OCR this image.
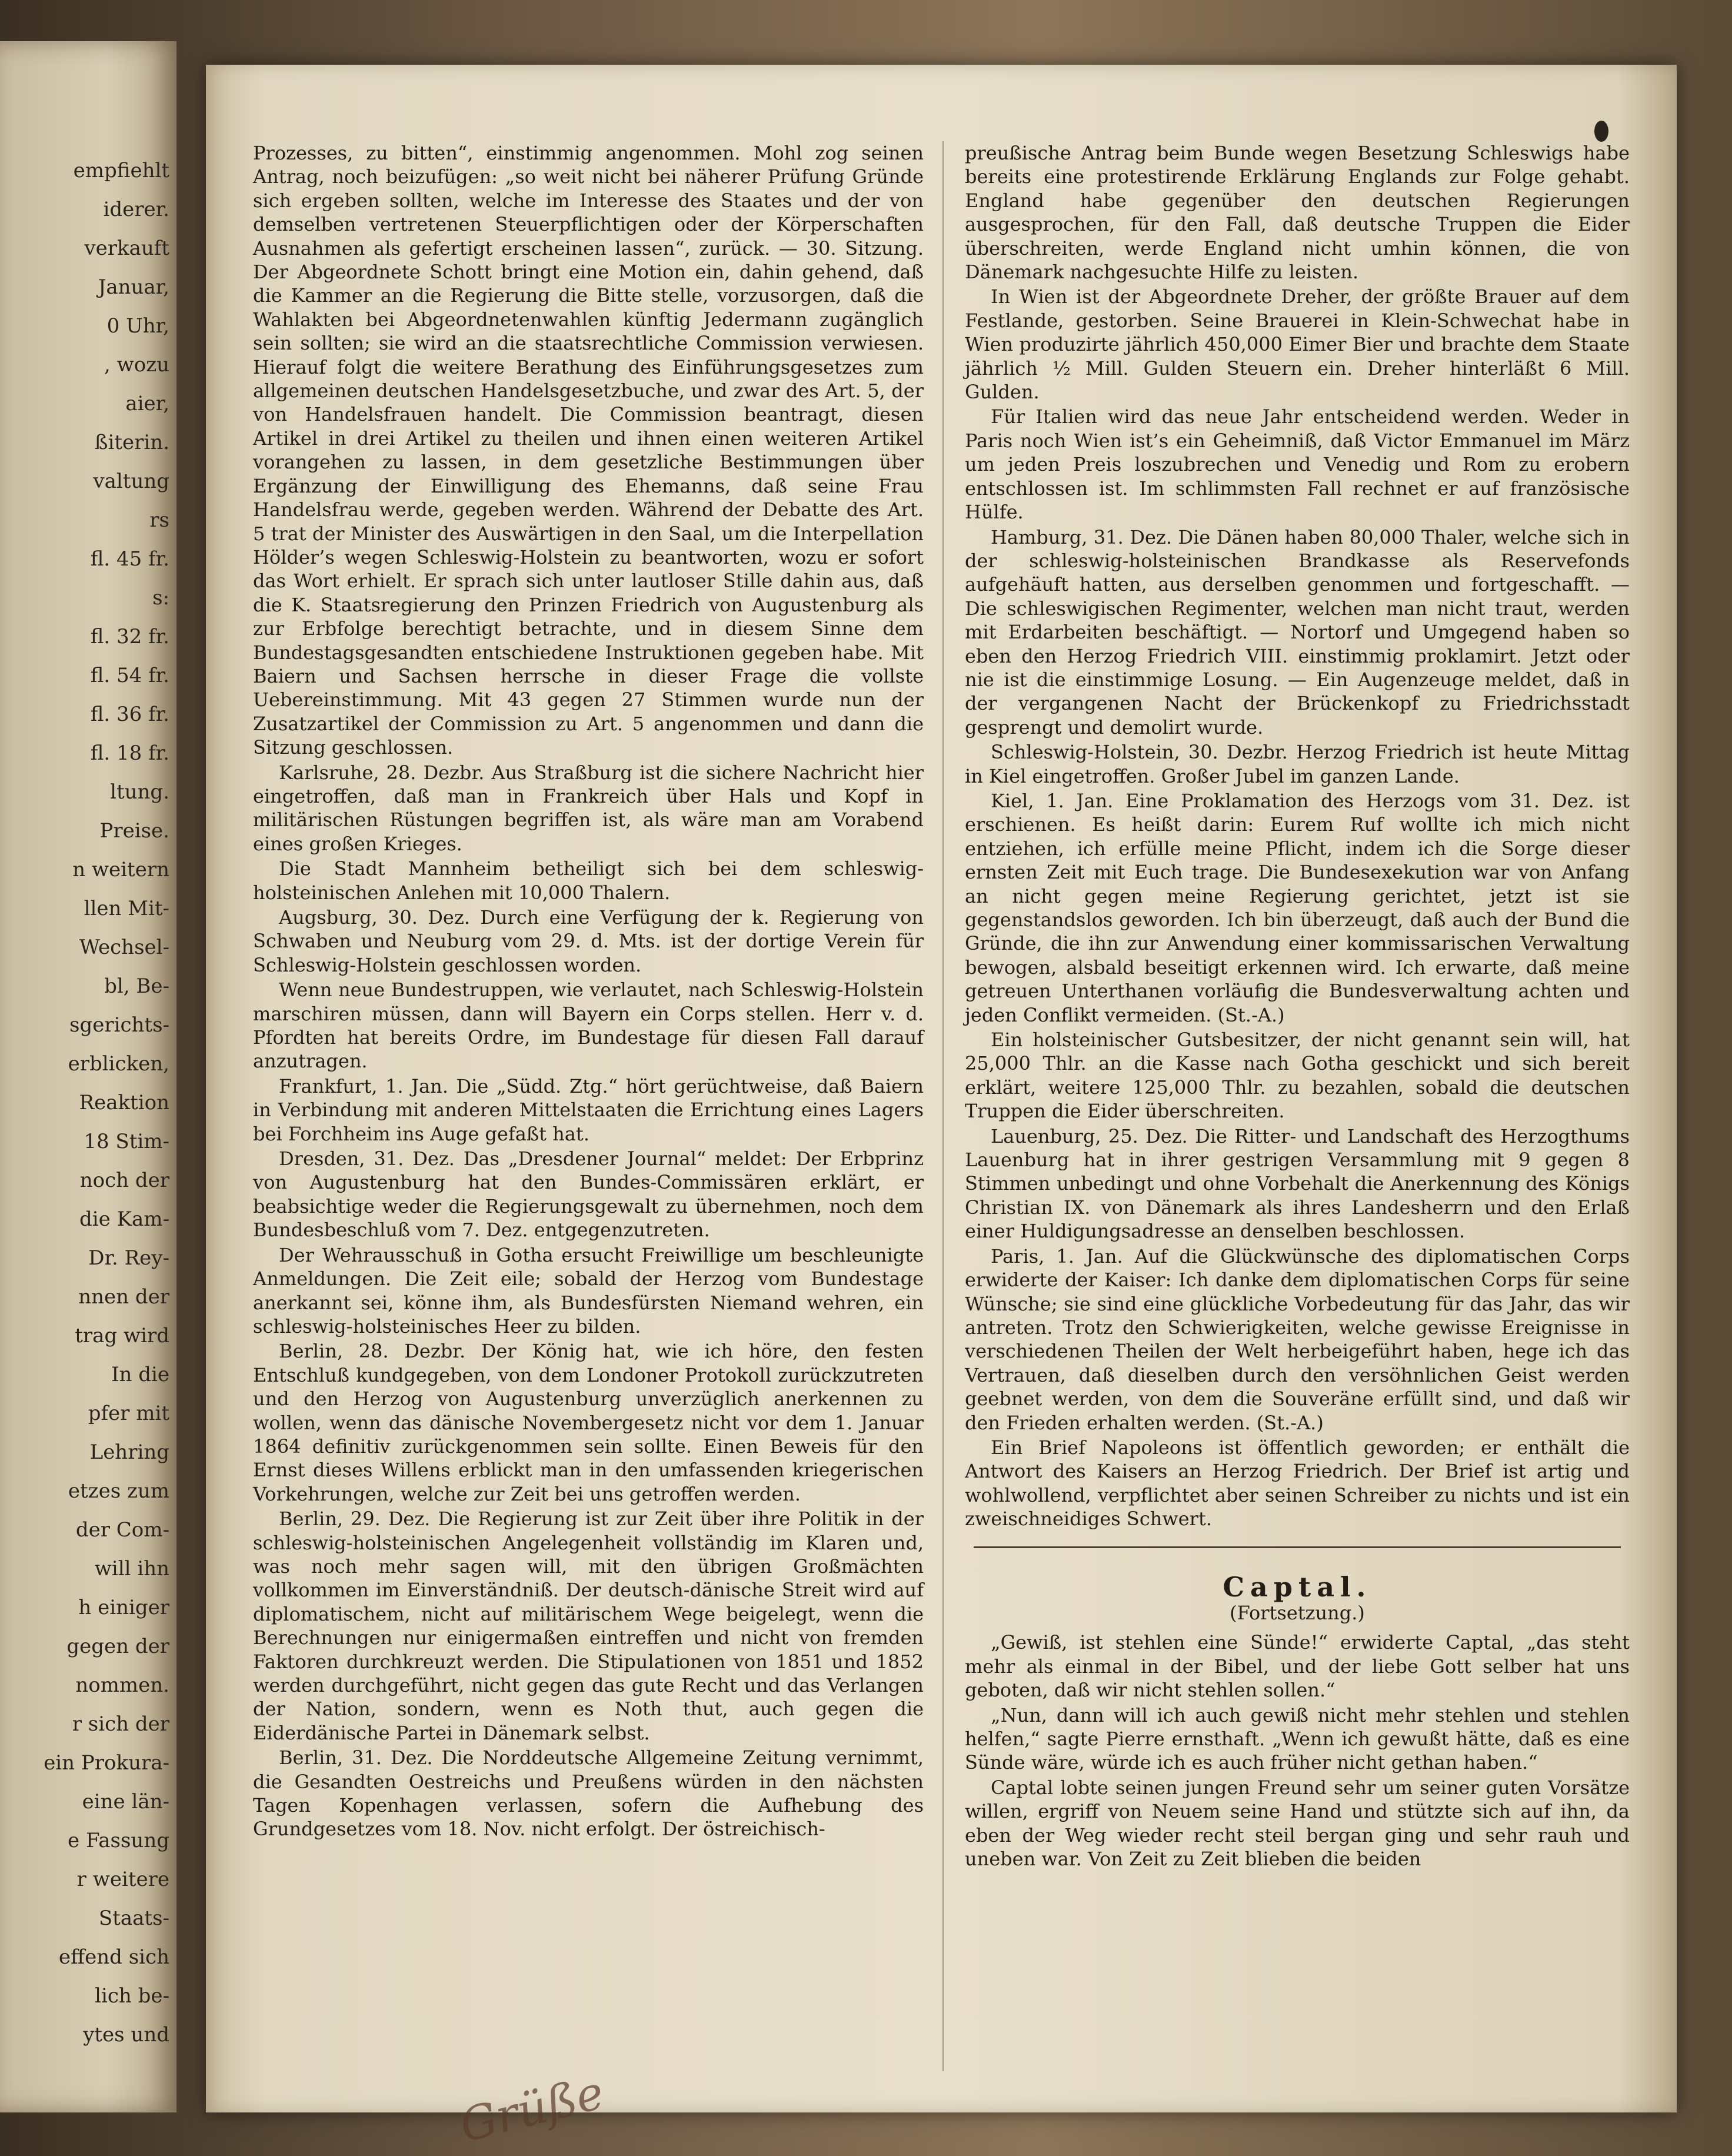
empfiehlt
iderer.
verkauft
Januar,
0 Uhr,
, wozu
aier,
ßiterin.
valtung
rs
fl. 45 fr.
s:
fl. 32 fr.
fl. 54 fr.
fl. 36 fr.
fl. 18 fr.
ltung.
Preise.
n weitern
llen Mit-
Wechsel-
bl, Be-
sgerichts-
erblicken,
Reaktion
18 Stim-
noch der
die Kam-
Dr. Rey-
nnen der
trag wird
In die
pfer mit
Lehring
etzes zum
der Com-
will ihn
h einiger
gegen der
nommen.
r sich der
ein Prokura-
eine län-
e Fassung
r weitere
Staats-
effend sich
lich be-
ytes und

Prozesses, zu bitten“, einstimmig angenommen. Mohl zog seinen Antrag, noch beizufügen: „so weit nicht bei näherer Prüfung Gründe sich ergeben sollten, welche im Interesse des Staates und der von demselben vertretenen Steuerpflichtigen oder der Körperschaften Ausnahmen als gefertigt erscheinen lassen“, zurück. — 30. Sitzung. Der Abgeordnete Schott bringt eine Motion ein, dahin gehend, daß die Kammer an die Regierung die Bitte stelle, vorzusorgen, daß die Wahlakten bei Abgeordnetenwahlen künftig Jedermann zugänglich sein sollten; sie wird an die staatsrechtliche Commission verwiesen. Hierauf folgt die weitere Berathung des Einführungsgesetzes zum allgemeinen deutschen Handelsgesetzbuche, und zwar des Art. 5, der von Handelsfrauen handelt. Die Commission beantragt, diesen Artikel in drei Artikel zu theilen und ihnen einen weiteren Artikel vorangehen zu lassen, in dem gesetzliche Bestimmungen über Ergänzung der Einwilligung des Ehemanns, daß seine Frau Handelsfrau werde, gegeben werden. Während der Debatte des Art. 5 trat der Minister des Auswärtigen in den Saal, um die Interpellation Hölder’s wegen Schleswig-Holstein zu beantworten, wozu er sofort das Wort erhielt. Er sprach sich unter lautloser Stille dahin aus, daß die K. Staatsregierung den Prinzen Friedrich von Augustenburg als zur Erbfolge berechtigt betrachte, und in diesem Sinne dem Bundestagsgesandten entschiedene Instruktionen gegeben habe. Mit Baiern und Sachsen herrsche in dieser Frage die vollste Uebereinstimmung. Mit 43 gegen 27 Stimmen wurde nun der Zusatzartikel der Commission zu Art. 5 angenommen und dann die Sitzung geschlossen.

Karlsruhe, 28. Dezbr. Aus Straßburg ist die sichere Nachricht hier eingetroffen, daß man in Frankreich über Hals und Kopf in militärischen Rüstungen begriffen ist, als wäre man am Vorabend eines großen Krieges.

Die Stadt Mannheim betheiligt sich bei dem schleswig-holsteinischen Anlehen mit 10,000 Thalern.

Augsburg, 30. Dez. Durch eine Verfügung der k. Regierung von Schwaben und Neuburg vom 29. d. Mts. ist der dortige Verein für Schleswig-Holstein geschlossen worden.

Wenn neue Bundestruppen, wie verlautet, nach Schleswig-Holstein marschiren müssen, dann will Bayern ein Corps stellen. Herr v. d. Pfordten hat bereits Ordre, im Bundestage für diesen Fall darauf anzutragen.

Frankfurt, 1. Jan. Die „Südd. Ztg.“ hört gerüchtweise, daß Baiern in Verbindung mit anderen Mittelstaaten die Errichtung eines Lagers bei Forchheim ins Auge gefaßt hat.

Dresden, 31. Dez. Das „Dresdener Journal“ meldet: Der Erbprinz von Augustenburg hat den Bundes-Commissären erklärt, er beabsichtige weder die Regierungsgewalt zu übernehmen, noch dem Bundesbeschluß vom 7. Dez. entgegenzutreten.

Der Wehrausschuß in Gotha ersucht Freiwillige um beschleunigte Anmeldungen. Die Zeit eile; sobald der Herzog vom Bundestage anerkannt sei, könne ihm, als Bundesfürsten Niemand wehren, ein schleswig-holsteinisches Heer zu bilden.

Berlin, 28. Dezbr. Der König hat, wie ich höre, den festen Entschluß kundgegeben, von dem Londoner Protokoll zurückzutreten und den Herzog von Augustenburg unverzüglich anerkennen zu wollen, wenn das dänische Novembergesetz nicht vor dem 1. Januar 1864 definitiv zurückgenommen sein sollte. Einen Beweis für den Ernst dieses Willens erblickt man in den umfassenden kriegerischen Vorkehrungen, welche zur Zeit bei uns getroffen werden.

Berlin, 29. Dez. Die Regierung ist zur Zeit über ihre Politik in der schleswig-holsteinischen Angelegenheit vollständig im Klaren und, was noch mehr sagen will, mit den übrigen Großmächten vollkommen im Einverständniß. Der deutsch-dänische Streit wird auf diplomatischem, nicht auf militärischem Wege beigelegt, wenn die Berechnungen nur einigermaßen eintreffen und nicht von fremden Faktoren durchkreuzt werden. Die Stipulationen von 1851 und 1852 werden durchgeführt, nicht gegen das gute Recht und das Verlangen der Nation, sondern, wenn es Noth thut, auch gegen die Eiderdänische Partei in Dänemark selbst.

Berlin, 31. Dez. Die Norddeutsche Allgemeine Zeitung vernimmt, die Gesandten Oestreichs und Preußens würden in den nächsten Tagen Kopenhagen verlassen, sofern die Aufhebung des Grundgesetzes vom 18. Nov. nicht erfolgt. Der östreichisch-

preußische Antrag beim Bunde wegen Besetzung Schleswigs habe bereits eine protestirende Erklärung Englands zur Folge gehabt. England habe gegenüber den deutschen Regierungen ausgesprochen, für den Fall, daß deutsche Truppen die Eider überschreiten, werde England nicht umhin können, die von Dänemark nachgesuchte Hilfe zu leisten.

In Wien ist der Abgeordnete Dreher, der größte Brauer auf dem Festlande, gestorben. Seine Brauerei in Klein-Schwechat habe in Wien produzirte jährlich 450,000 Eimer Bier und brachte dem Staate jährlich ½ Mill. Gulden Steuern ein. Dreher hinterläßt 6 Mill. Gulden.

Für Italien wird das neue Jahr entscheidend werden. Weder in Paris noch Wien ist’s ein Geheimniß, daß Victor Emmanuel im März um jeden Preis loszubrechen und Venedig und Rom zu erobern entschlossen ist. Im schlimmsten Fall rechnet er auf französische Hülfe.

Hamburg, 31. Dez. Die Dänen haben 80,000 Thaler, welche sich in der schleswig-holsteinischen Brandkasse als Reservefonds aufgehäuft hatten, aus derselben genommen und fortgeschafft. — Die schleswigischen Regimenter, welchen man nicht traut, werden mit Erdarbeiten beschäftigt. — Nortorf und Umgegend haben so eben den Herzog Friedrich VIII. einstimmig proklamirt. Jetzt oder nie ist die einstimmige Losung. — Ein Augenzeuge meldet, daß in der vergangenen Nacht der Brückenkopf zu Friedrichsstadt gesprengt und demolirt wurde.

Schleswig-Holstein, 30. Dezbr. Herzog Friedrich ist heute Mittag in Kiel eingetroffen. Großer Jubel im ganzen Lande.

Kiel, 1. Jan. Eine Proklamation des Herzogs vom 31. Dez. ist erschienen. Es heißt darin: Eurem Ruf wollte ich mich nicht entziehen, ich erfülle meine Pflicht, indem ich die Sorge dieser ernsten Zeit mit Euch trage. Die Bundesexekution war von Anfang an nicht gegen meine Regierung gerichtet, jetzt ist sie gegenstandslos geworden. Ich bin überzeugt, daß auch der Bund die Gründe, die ihn zur Anwendung einer kommissarischen Verwaltung bewogen, alsbald beseitigt erkennen wird. Ich erwarte, daß meine getreuen Unterthanen vorläufig die Bundesverwaltung achten und jeden Conflikt vermeiden. (St.-A.)

Ein holsteinischer Gutsbesitzer, der nicht genannt sein will, hat 25,000 Thlr. an die Kasse nach Gotha geschickt und sich bereit erklärt, weitere 125,000 Thlr. zu bezahlen, sobald die deutschen Truppen die Eider überschreiten.

Lauenburg, 25. Dez. Die Ritter- und Landschaft des Herzogthums Lauenburg hat in ihrer gestrigen Versammlung mit 9 gegen 8 Stimmen unbedingt und ohne Vorbehalt die Anerkennung des Königs Christian IX. von Dänemark als ihres Landesherrn und den Erlaß einer Huldigungsadresse an denselben beschlossen.

Paris, 1. Jan. Auf die Glückwünsche des diplomatischen Corps erwiderte der Kaiser: Ich danke dem diplomatischen Corps für seine Wünsche; sie sind eine glückliche Vorbedeutung für das Jahr, das wir antreten. Trotz den Schwierigkeiten, welche gewisse Ereignisse in verschiedenen Theilen der Welt herbeigeführt haben, hege ich das Vertrauen, daß dieselben durch den versöhnlichen Geist werden geebnet werden, von dem die Souveräne erfüllt sind, und daß wir den Frieden erhalten werden. (St.-A.)

Ein Brief Napoleons ist öffentlich geworden; er enthält die Antwort des Kaisers an Herzog Friedrich. Der Brief ist artig und wohlwollend, verpflichtet aber seinen Schreiber zu nichts und ist ein zweischneidiges Schwert.

Captal.
(Fortsetzung.)

„Gewiß, ist stehlen eine Sünde!“ erwiderte Captal, „das steht mehr als einmal in der Bibel, und der liebe Gott selber hat uns geboten, daß wir nicht stehlen sollen.“

„Nun, dann will ich auch gewiß nicht mehr stehlen und stehlen helfen,“ sagte Pierre ernsthaft. „Wenn ich gewußt hätte, daß es eine Sünde wäre, würde ich es auch früher nicht gethan haben.“

Captal lobte seinen jungen Freund sehr um seiner guten Vorsätze willen, ergriff von Neuem seine Hand und stützte sich auf ihn, da eben der Weg wieder recht steil bergan ging und sehr rauh und uneben war. Von Zeit zu Zeit blieben die beiden

Grüße
